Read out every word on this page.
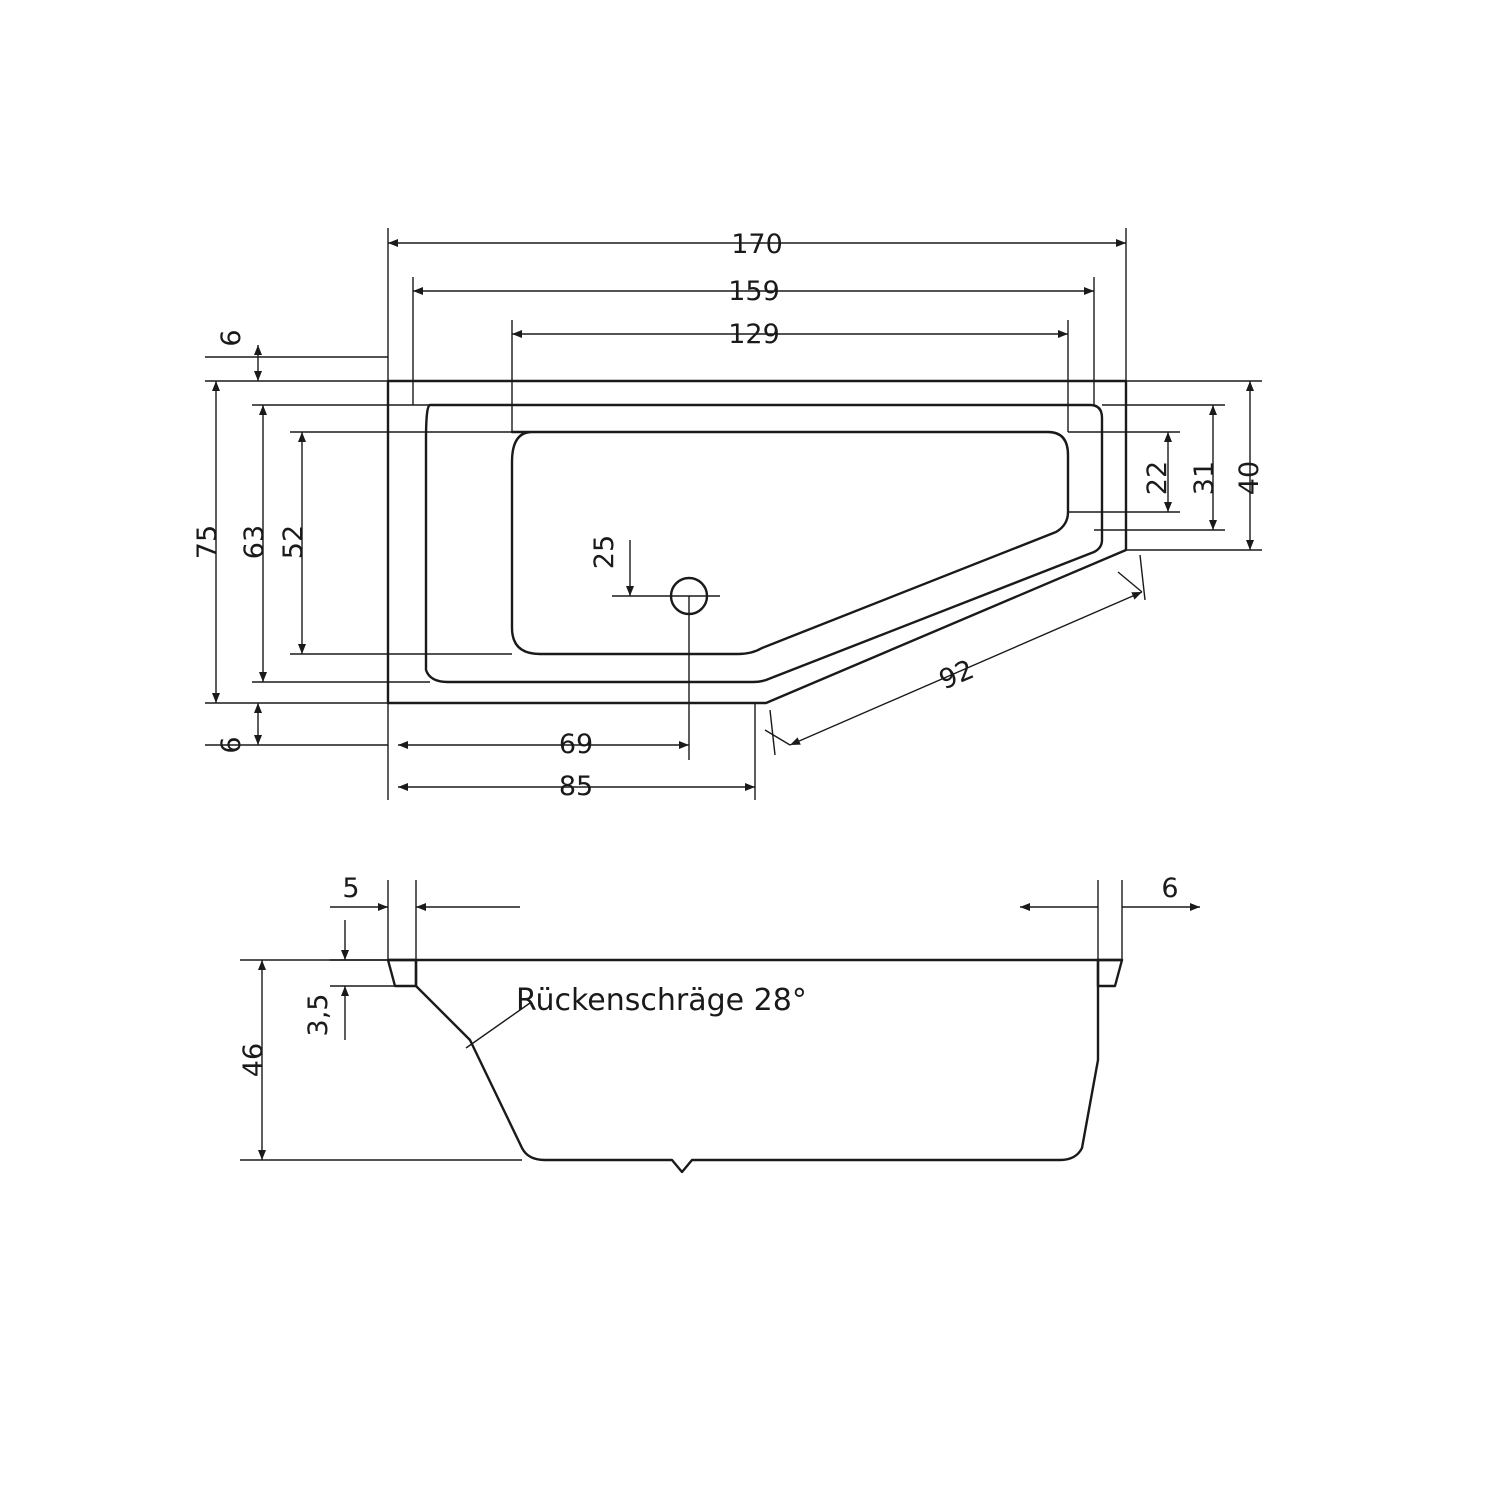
170
159
129
75 63 52
6
6
40
31
22
25
69
85
92
5	6
3,5
46
Rückenschräge 28°
